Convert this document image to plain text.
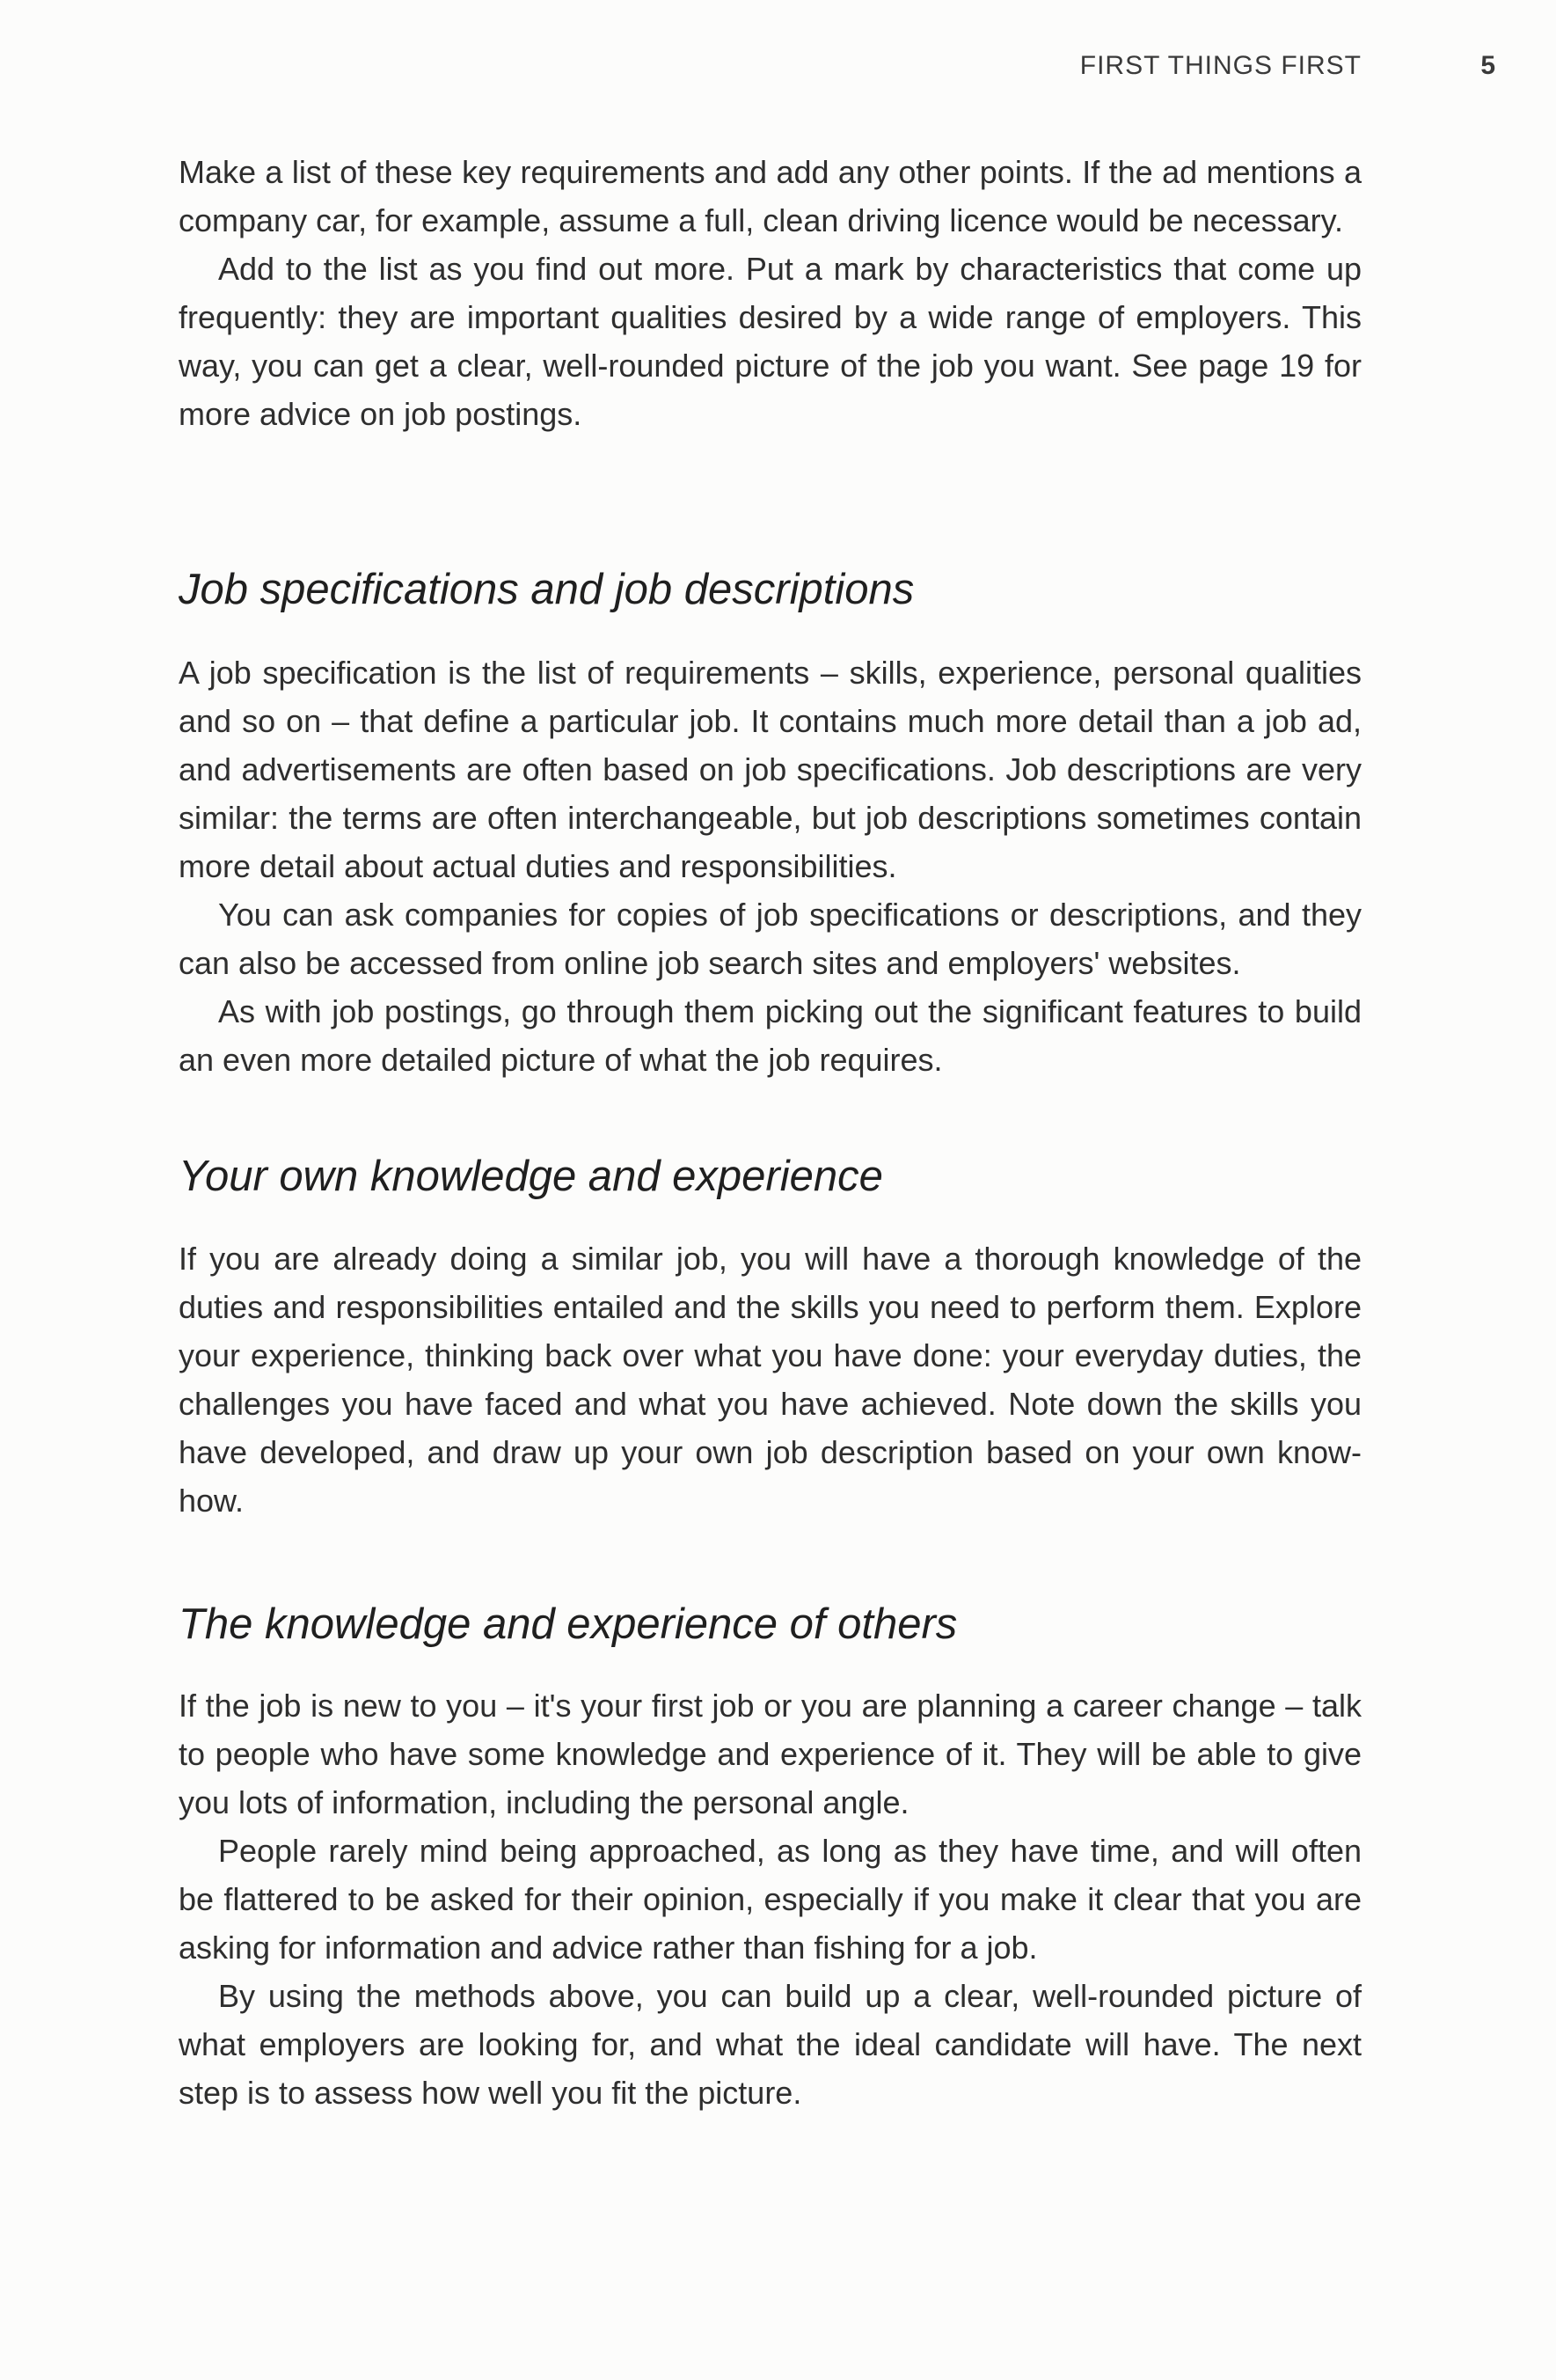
FIRST THINGS FIRST	5

Make a list of these key requirements and add any other points. If the ad mentions a company car, for example, assume a full, clean driving licence would be necessary.

Add to the list as you find out more. Put a mark by characteristics that come up frequently: they are important qualities desired by a wide range of employers. This way, you can get a clear, well-rounded picture of the job you want. See page 19 for more advice on job postings.

Job specifications and job descriptions

A job specification is the list of requirements – skills, experience, personal qualities and so on – that define a particular job. It contains much more detail than a job ad, and advertisements are often based on job specifications. Job descriptions are very similar: the terms are often interchangeable, but job descriptions sometimes contain more detail about actual duties and responsibilities.

You can ask companies for copies of job specifications or descriptions, and they can also be accessed from online job search sites and employers' websites.

As with job postings, go through them picking out the significant features to build an even more detailed picture of what the job requires.

Your own knowledge and experience

If you are already doing a similar job, you will have a thorough knowledge of the duties and responsibilities entailed and the skills you need to perform them. Explore your experience, thinking back over what you have done: your everyday duties, the challenges you have faced and what you have achieved. Note down the skills you have developed, and draw up your own job description based on your own know-how.

The knowledge and experience of others

If the job is new to you – it's your first job or you are planning a career change – talk to people who have some knowledge and experience of it. They will be able to give you lots of information, including the personal angle.

People rarely mind being approached, as long as they have time, and will often be flattered to be asked for their opinion, especially if you make it clear that you are asking for information and advice rather than fishing for a job.

By using the methods above, you can build up a clear, well-rounded picture of what employers are looking for, and what the ideal candidate will have. The next step is to assess how well you fit the picture.
